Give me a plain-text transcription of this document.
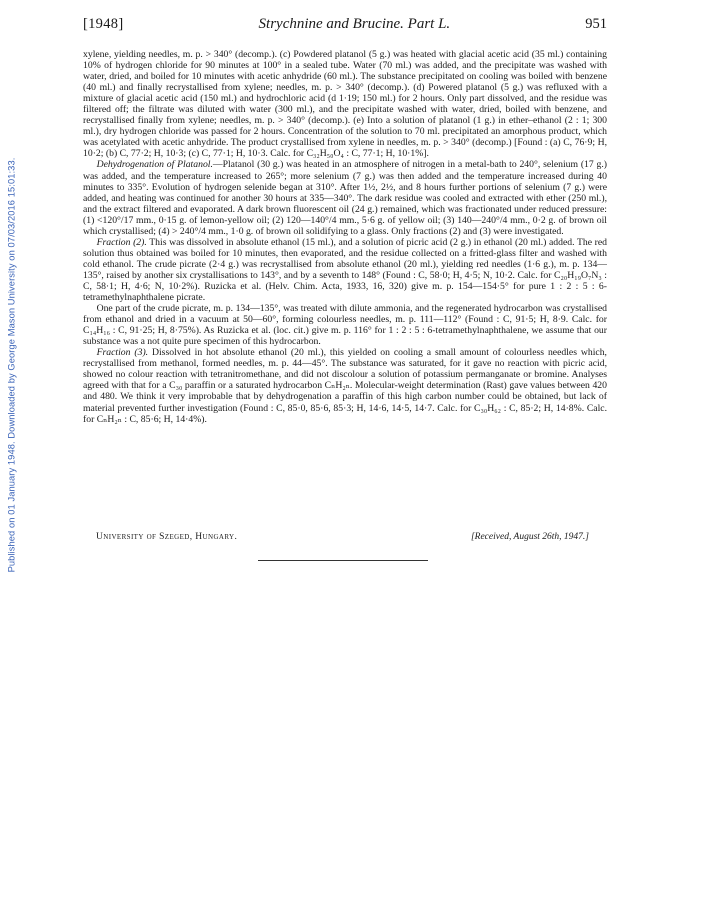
Published on 01 January 1948. Downloaded by George Mason University on 07/03/2016 15:01:33.
[1948]	Strychnine and Brucine. Part L.	951

xylene, yielding needles, m. p. > 340° (decomp.). (c) Powdered platanol (5 g.) was heated with glacial acetic acid (35 ml.) containing 10% of hydrogen chloride for 90 minutes at 100° in a sealed tube. Water (70 ml.) was added, and the precipitate was washed with water, dried, and boiled for 10 minutes with acetic anhydride (60 ml.). The substance precipitated on cooling was boiled with benzene (40 ml.) and finally recrystallised from xylene; needles, m. p. > 340° (decomp.). (d) Powered platanol (5 g.) was refluxed with a mixture of glacial acetic acid (150 ml.) and hydrochloric acid (d 1·19; 150 ml.) for 2 hours. Only part dissolved, and the residue was filtered off; the filtrate was diluted with water (300 ml.), and the precipitate washed with water, dried, boiled with benzene, and recrystallised finally from xylene; needles, m. p. > 340° (decomp.). (e) Into a solution of platanol (1 g.) in ether–ethanol (2 : 1; 300 ml.), dry hydrogen chloride was passed for 2 hours. Concentration of the solution to 70 ml. precipitated an amorphous product, which was acetylated with acetic anhydride. The product crystallised from xylene in needles, m. p. > 340° (decomp.) [Found : (a) C, 76·9; H, 10·2; (b) C, 77·2; H, 10·3; (c) C, 77·1; H, 10·3. Calc. for C₃₂H₅₀O₄ : C, 77·1; H, 10·1%].

Dehydrogenation of Platanol.—Platanol (30 g.) was heated in an atmosphere of nitrogen in a metal-bath to 240°, selenium (17 g.) was added, and the temperature increased to 265°; more selenium (7 g.) was then added and the temperature increased during 40 minutes to 335°. Evolution of hydrogen selenide began at 310°. After 1½, 2½, and 8 hours further portions of selenium (7 g.) were added, and heating was continued for another 30 hours at 335—340°. The dark residue was cooled and extracted with ether (250 ml.), and the extract filtered and evaporated. A dark brown fluorescent oil (24 g.) remained, which was fractionated under reduced pressure: (1) <120°/17 mm., 0·15 g. of lemon-yellow oil; (2) 120—140°/4 mm., 5·6 g. of yellow oil; (3) 140—240°/4 mm., 0·2 g. of brown oil which crystallised; (4) > 240°/4 mm., 1·0 g. of brown oil solidifying to a glass. Only fractions (2) and (3) were investigated.

Fraction (2). This was dissolved in absolute ethanol (15 ml.), and a solution of picric acid (2 g.) in ethanol (20 ml.) added. The red solution thus obtained was boiled for 10 minutes, then evaporated, and the residue collected on a fritted-glass filter and washed with cold ethanol. The crude picrate (2·4 g.) was recrystallised from absolute ethanol (20 ml.), yielding red needles (1·6 g.), m. p. 134—135°, raised by another six crystallisations to 143°, and by a seventh to 148° (Found : C, 58·0; H, 4·5; N, 10·2. Calc. for C₂₀H₁₉O₇N₃ : C, 58·1; H, 4·6; N, 10·2%). Ruzicka et al. (Helv. Chim. Acta, 1933, 16, 320) give m. p. 154—154·5° for pure 1 : 2 : 5 : 6-tetramethylnaphthalene picrate.

One part of the crude picrate, m. p. 134—135°, was treated with dilute ammonia, and the regenerated hydrocarbon was crystallised from ethanol and dried in a vacuum at 50—60°, forming colourless needles, m. p. 111—112° (Found : C, 91·5; H, 8·9. Calc. for C₁₄H₁₆ : C, 91·25; H, 8·75%). As Ruzicka et al. (loc. cit.) give m. p. 116° for 1 : 2 : 5 : 6-tetramethylnaphthalene, we assume that our substance was a not quite pure specimen of this hydrocarbon.

Fraction (3). Dissolved in hot absolute ethanol (20 ml.), this yielded on cooling a small amount of colourless needles which, recrystallised from methanol, formed needles, m. p. 44—45°. The substance was saturated, for it gave no reaction with picric acid, showed no colour reaction with tetranitromethane, and did not discolour a solution of potassium permanganate or bromine. Analyses agreed with that for a C₃₀ paraffin or a saturated hydrocarbon CₙH₂ₙ. Molecular-weight determination (Rast) gave values between 420 and 480. We think it very improbable that by dehydrogenation a paraffin of this high carbon number could be obtained, but lack of material prevented further investigation (Found : C, 85·0, 85·6, 85·3; H, 14·6, 14·5, 14·7. Calc. for C₃₀H₆₂ : C, 85·2; H, 14·8%. Calc. for CₙH₂ₙ : C, 85·6; H, 14·4%).

University of Szeged, Hungary.	[Received, August 26th, 1947.]
